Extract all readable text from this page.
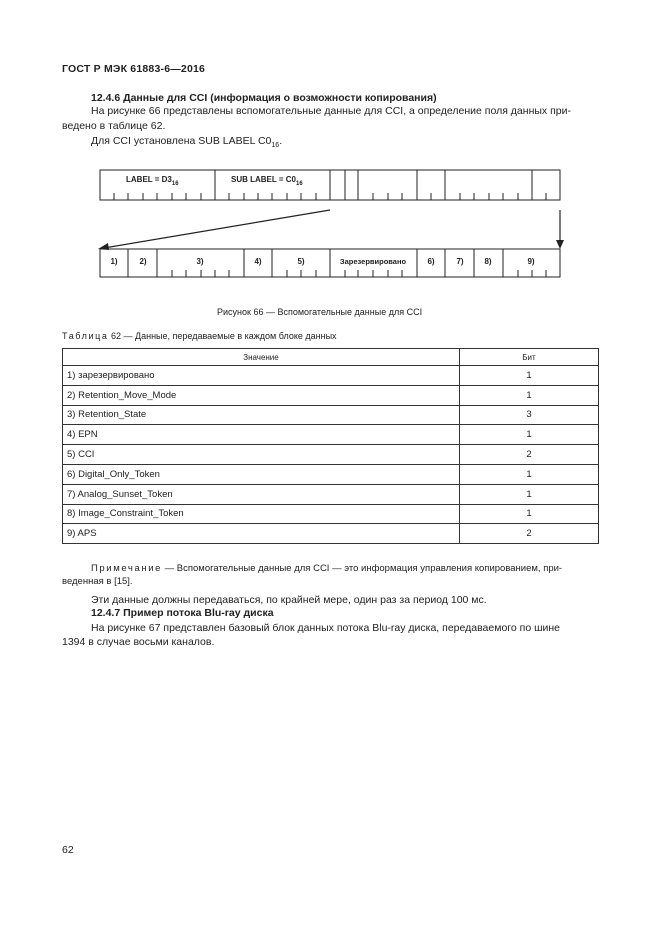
ГОСТ Р МЭК 61883-6—2016
12.4.6 Данные для CCI (информация о возможности копирования)
На рисунке 66 представлены вспомогательные данные для CCI, а определение поля данных при-
ведено в таблице 62.
Для CCI установлена SUB LABEL $C0_{16}$.
LABEL = $D3_{16}$	SUB LABEL = $C0_{16}$
1)	2)	3)	4)	5)	Зарезервировано	6)	7)	8)	9)
Рисунок 66 — Вспомогательные данные для CCI
Таблица 62 — Данные, передаваемые в каждом блоке данных
Значение	Бит
1) зарезервировано	1
2) Retention_Move_Mode	1
3) Retention_State	3
4) EPN	1
5) CCI	2
6) Digital_Only_Token	1
7) Analog_Sunset_Token	1
8) Image_Constraint_Token	1
9) APS	2
Примечание — Вспомогательные данные для CCI — это информация управления копированием, при-
веденная в [15].
Эти данные должны передаваться, по крайней мере, один раз за период 100 мс.
12.4.7 Пример потока Blu-ray диска
На рисунке 67 представлен базовый блок данных потока Blu-ray диска, передаваемого по шине
1394 в случае восьми каналов.
62
